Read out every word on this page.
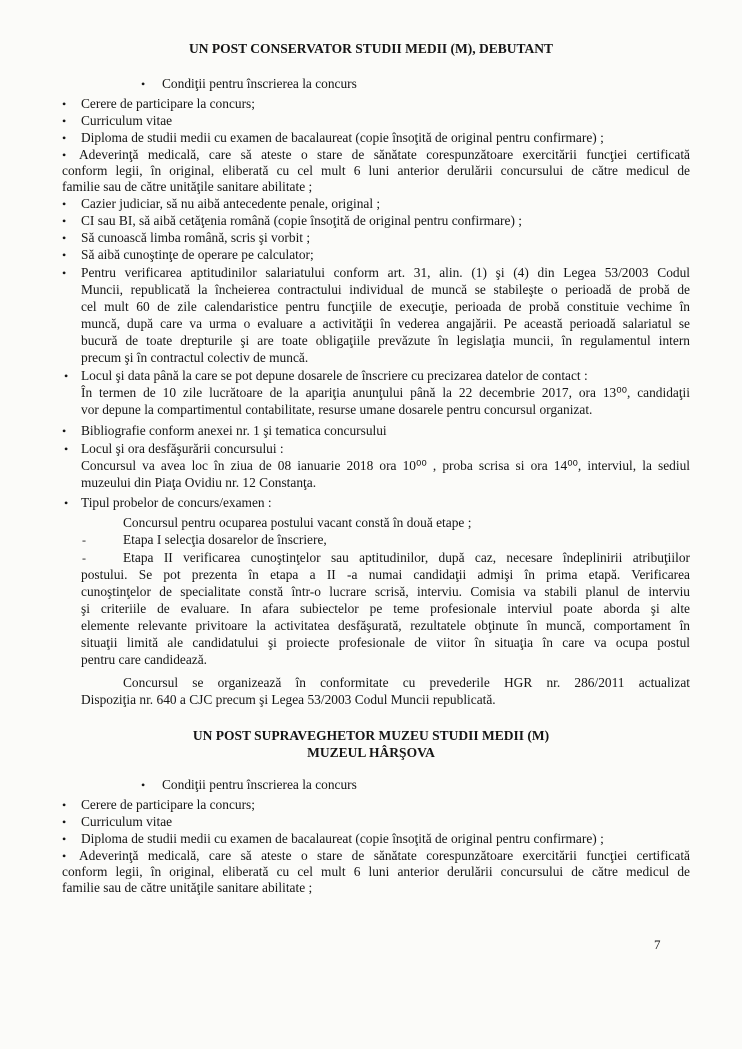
UN POST CONSERVATOR STUDII MEDII (M), DEBUTANT

•

Condiţii pentru înscrierea la concurs

•

Cerere de participare la concurs;

•

Curriculum vitae

•

Diploma de studii medii cu examen de bacalaureat (copie însoţită de original pentru confirmare) ;

•

Adeverinţă medicală, care să ateste o stare de sănătate corespunzătoare exercitării funcţiei certificată

conform legii, în original, eliberată cu cel mult 6 luni anterior derulării concursului de către medicul de

familie sau de către unităţile sanitare abilitate ;

•

Cazier judiciar, să nu aibă antecedente penale, original ;

•

CI sau BI, să aibă cetăţenia română (copie însoţită de original pentru confirmare) ;

•

Să cunoască limba română, scris şi vorbit ;

•

Să aibă cunoştinţe de operare pe calculator;

•

Pentru verificarea aptitudinilor salariatului conform art. 31, alin. (1) şi (4) din Legea 53/2003 Codul

Muncii, republicată la încheierea contractului individual de muncă se stabileşte o perioadă de probă de

cel mult 60 de zile calendaristice pentru funcţiile de execuţie, perioada de probă constituie vechime în

muncă, după care va urma o evaluare a activităţii în vederea angajării. Pe această perioadă salariatul se

bucură de toate drepturile şi are toate obligaţiile prevăzute în legislaţia muncii, în regulamentul intern

precum şi în contractul colectiv de muncă.

•

Locul şi data până la care se pot depune dosarele de înscriere cu precizarea datelor de contact :

În termen de 10 zile lucrătoare de la apariţia anunţului până la 22 decembrie 2017, ora 13⁰⁰, candidaţii

vor depune la compartimentul contabilitate, resurse umane dosarele pentru concursul organizat.

•

Bibliografie conform anexei nr. 1 şi tematica concursului

•

Locul şi ora desfăşurării concursului :

Concursul va avea loc în ziua de 08 ianuarie 2018 ora 10⁰⁰ , proba scrisa si ora 14⁰⁰, interviul, la sediul

muzeului din Piaţa Ovidiu nr. 12 Constanţa.

•

Tipul probelor de concurs/examen :

Concursul pentru ocuparea postului vacant constă în două etape ;

-

Etapa I selecţia dosarelor de înscriere,

-

Etapa II verificarea cunoştinţelor sau aptitudinilor, după caz, necesare îndeplinirii atribuţiilor

postului. Se pot prezenta în etapa a II -a numai candidaţii admişi în prima etapă. Verificarea

cunoştinţelor de specialitate constă într-o lucrare scrisă, interviu. Comisia va stabili planul de interviu

şi criteriile de evaluare. In afara subiectelor pe teme profesionale interviul poate aborda şi alte

elemente relevante privitoare la activitatea desfăşurată, rezultatele obţinute în muncă, comportament în

situaţii limită ale candidatului şi proiecte profesionale de viitor în situaţia în care va ocupa postul

pentru care candidează.

Concursul se organizează în conformitate cu prevederile HGR nr. 286/2011 actualizat

Dispoziţia nr. 640 a CJC precum şi Legea 53/2003 Codul Muncii republicată.

UN POST SUPRAVEGHETOR MUZEU STUDII MEDII (M)

MUZEUL HÂRŞOVA

•

Condiţii pentru înscrierea la concurs

•

Cerere de participare la concurs;

•

Curriculum vitae

•

Diploma de studii medii cu examen de bacalaureat (copie însoţită de original pentru confirmare) ;

•

Adeverinţă medicală, care să ateste o stare de sănătate corespunzătoare exercitării funcţiei certificată

conform legii, în original, eliberată cu cel mult 6 luni anterior derulării concursului de către medicul de

familie sau de către unităţile sanitare abilitate ;

7
